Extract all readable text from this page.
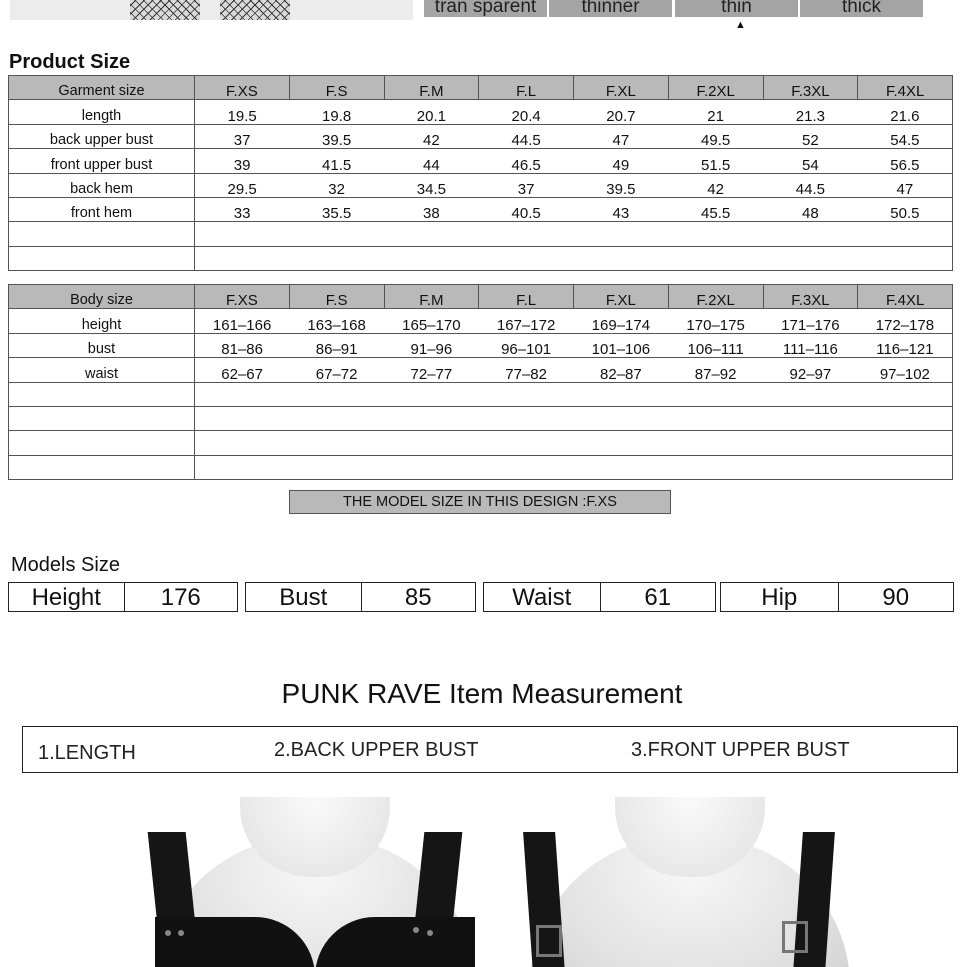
tran sparent	thinner	thin	thick
▲
Product Size
Garment size	F.XS	F.S	F.M	F.L	F.XL	F.2XL	F.3XL	F.4XL
length	19.5	19.8	20.1	20.4	20.7	21	21.3	21.6
back upper bust	37	39.5	42	44.5	47	49.5	52	54.5
front upper bust	39	41.5	44	46.5	49	51.5	54	56.5
back hem	29.5	32	34.5	37	39.5	42	44.5	47
front hem	33	35.5	38	40.5	43	45.5	48	50.5

Body size	F.XS	F.S	F.M	F.L	F.XL	F.2XL	F.3XL	F.4XL
height	161–166	163–168	165–170	167–172	169–174	170–175	171–176	172–178
bust	81–86	86–91	91–96	96–101	101–106	106–111	111–116	116–121
waist	62–67	67–72	72–77	77–82	82–87	87–92	92–97	97–102

THE MODEL SIZE IN THIS DESIGN :F.XS
Models Size
Height	176	Bust	85	Waist	61	Hip	90
PUNK RAVE Item Measurement
1.LENGTH	2.BACK UPPER BUST	3.FRONT UPPER BUST
